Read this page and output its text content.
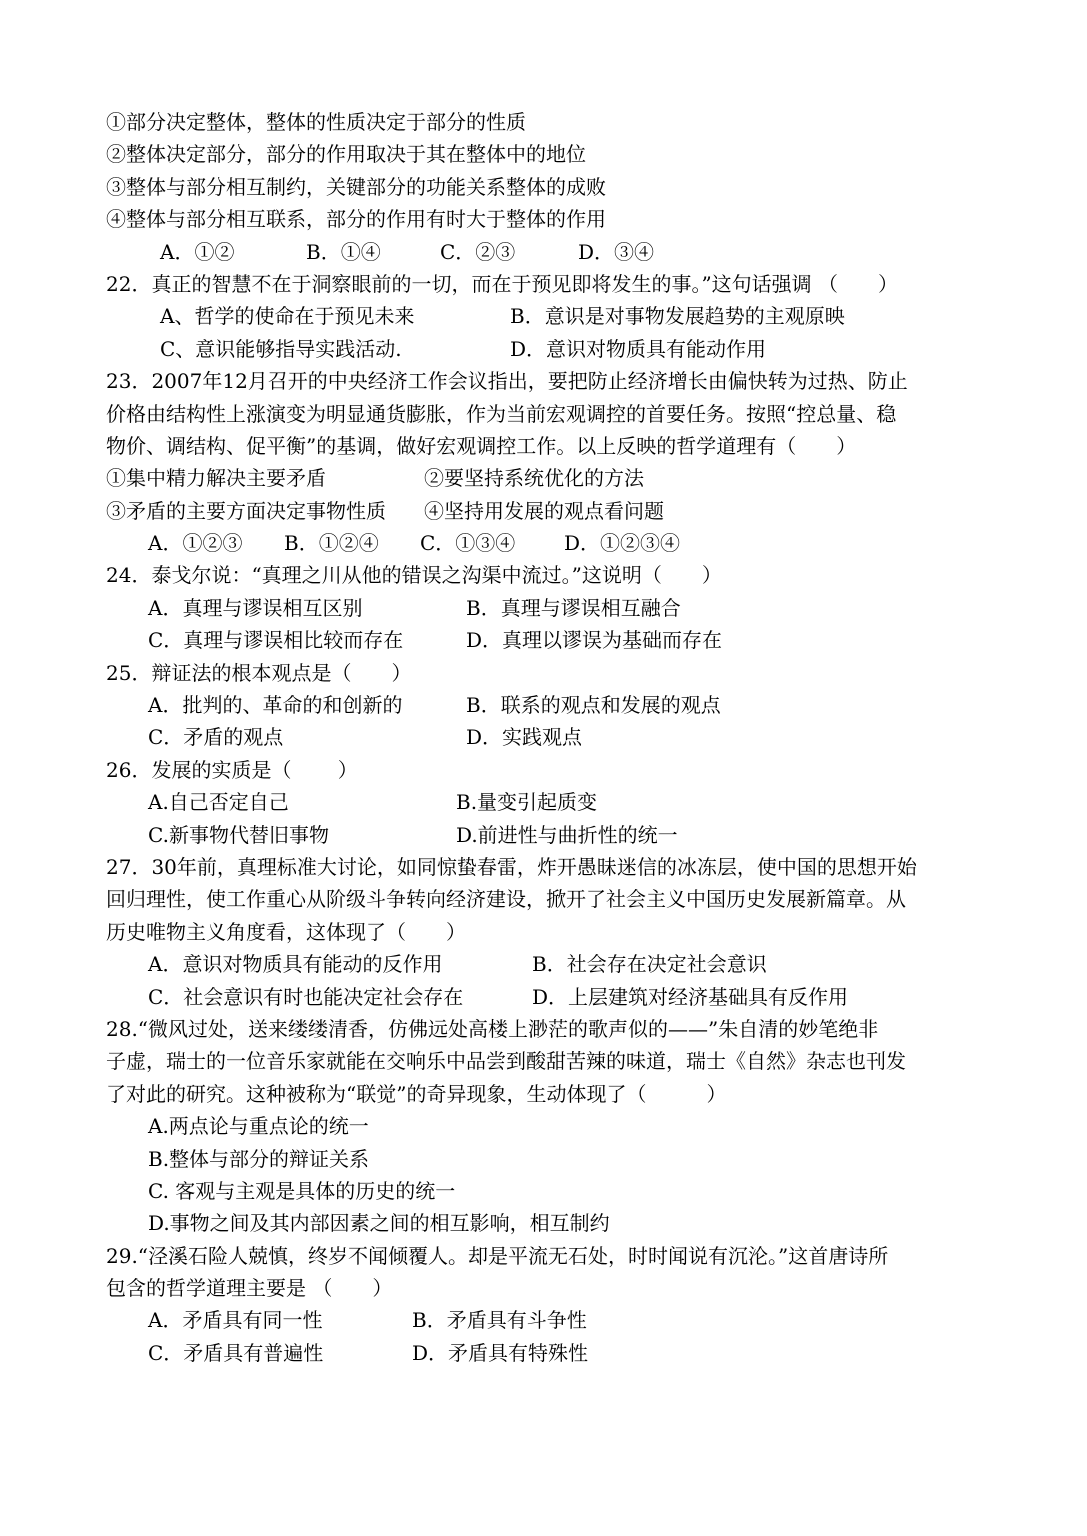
①部分决定整体，整体的性质决定于部分的性质
②整体决定部分，部分的作用取决于其在整体中的地位
③整体与部分相互制约，关键部分的功能关系整体的成败
④整体与部分相互联系，部分的作用有时大于整体的作用
A．①②	B．①④	C．②③	D．③④
22．真正的智慧不在于洞察眼前的一切，而在于预见即将发生的事。”这句话强调 （　　）
A、哲学的使命在于预见未来	B．意识是对事物发展趋势的主观原映
C、意识能够指导实践活动.	D．意识对物质具有能动作用
23．2007年12月召开的中央经济工作会议指出，要把防止经济增长由偏快转为过热、防止
价格由结构性上涨演变为明显通货膨胀，作为当前宏观调控的首要任务。按照“控总量、稳
物价、调结构、促平衡”的基调，做好宏观调控工作。以上反映的哲学道理有（　　）
①集中精力解决主要矛盾	②要坚持系统优化的方法
③矛盾的主要方面决定事物性质 ④坚持用发展的观点看问题
A．①②③ B．①②④ C．①③④ D．①②③④
24．泰戈尔说：“真理之川从他的错误之沟渠中流过。”这说明（　　）
A．真理与谬误相互区别	B．真理与谬误相互融合
C．真理与谬误相比较而存在	D．真理以谬误为基础而存在
25．辩证法的根本观点是（　　）
A．批判的、革命的和创新的	B．联系的观点和发展的观点
C．矛盾的观点	D．实践观点
26．发展的实质是（　　 ）
A.自己否定自己	B.量变引起质变
C.新事物代替旧事物	D.前进性与曲折性的统一
27．30年前，真理标准大讨论，如同惊蛰春雷，炸开愚昧迷信的冰冻层，使中国的思想开始
回归理性，使工作重心从阶级斗争转向经济建设，掀开了社会主义中国历史发展新篇章。从
历史唯物主义角度看，这体现了（　　）
A．意识对物质具有能动的反作用	B．社会存在决定社会意识
C．社会意识有时也能决定社会存在	D．上层建筑对经济基础具有反作用
28.“微风过处，送来缕缕清香，仿佛远处高楼上渺茫的歌声似的——”朱自清的妙笔绝非
子虚，瑞士的一位音乐家就能在交响乐中品尝到酸甜苦辣的味道，瑞士《自然》杂志也刊发
了对此的研究。这种被称为“联觉”的奇异现象，生动体现了（　　　）
A.两点论与重点论的统一
B.整体与部分的辩证关系
C. 客观与主观是具体的历史的统一
D.事物之间及其内部因素之间的相互影响，相互制约
29.“泾溪石险人兢慎，终岁不闻倾覆人。却是平流无石处，时时闻说有沉沦。”这首唐诗所
包含的哲学道理主要是 （　　）
A．矛盾具有同一性	B．矛盾具有斗争性
C．矛盾具有普遍性	D．矛盾具有特殊性
